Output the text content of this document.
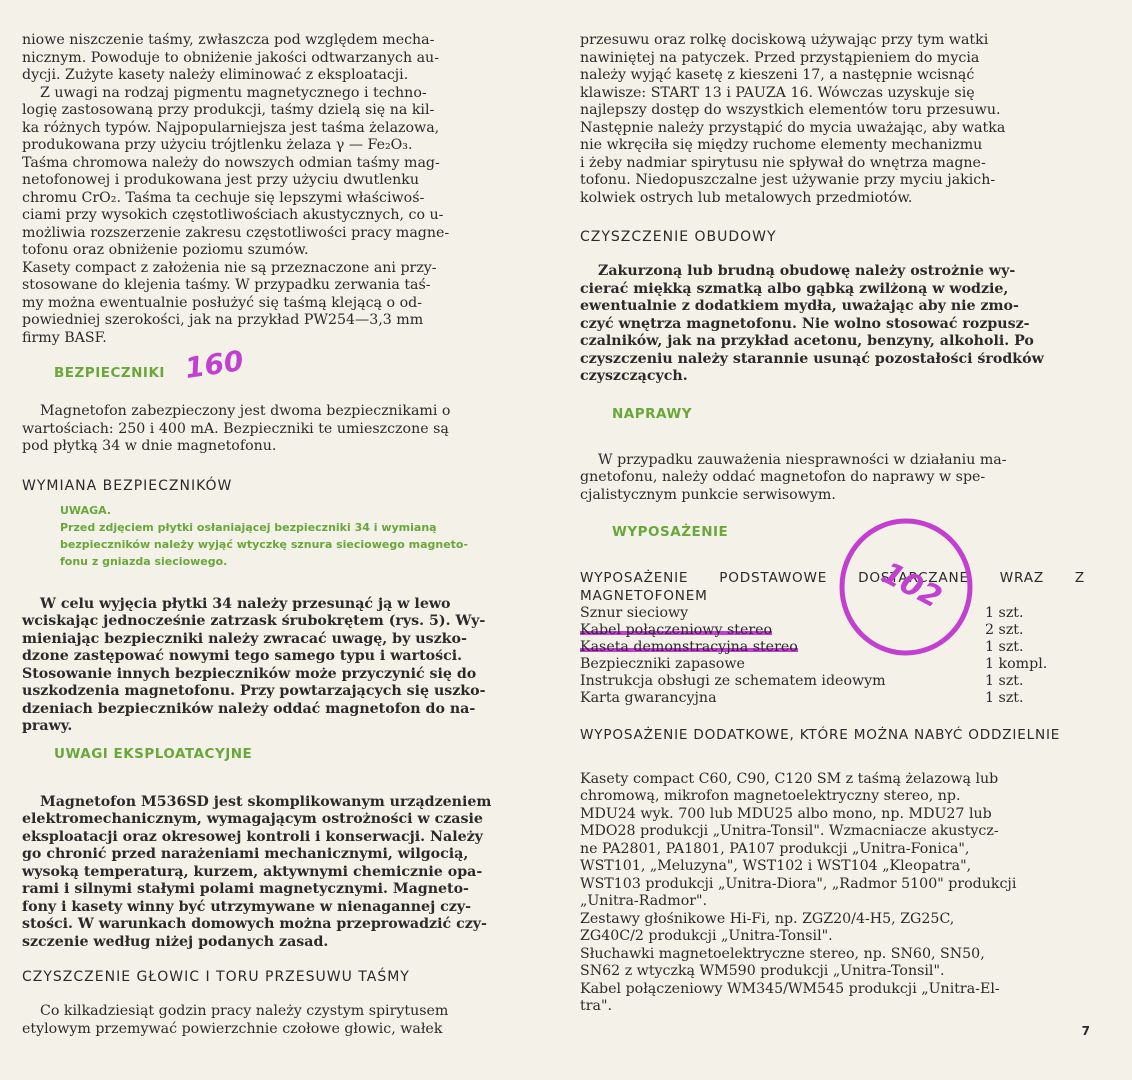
niowe niszczenie taśmy, zwłaszcza pod względem mecha-

nicznym. Powoduje to obniżenie jakości odtwarzanych au-

dycji. Zużyte kasety należy eliminować z eksploatacji.

Z uwagi na rodzaj pigmentu magnetycznego i techno-

logię zastosowaną przy produkcji, taśmy dzielą się na kil-

ka różnych typów. Najpopularniejsza jest taśma żelazowa,

produkowana przy użyciu trójtlenku żelaza γ — Fe₂O₃.

Taśma chromowa należy do nowszych odmian taśmy mag-

netofonowej i produkowana jest przy użyciu dwutlenku

chromu CrO₂. Taśma ta cechuje się lepszymi właściwoś-

ciami przy wysokich częstotliwościach akustycznych, co u-

możliwia rozszerzenie zakresu częstotliwości pracy magne-

tofonu oraz obniżenie poziomu szumów.

Kasety compact z założeniа nie są przeznaczone ani przy-

stosowane do klejenia taśmy. W przypadku zerwania taś-

my można ewentualnie posłużyć się taśmą klejącą o od-

powiedniej szerokości, jak na przykład PW254—3,3 mm

firmy BASF.

BEZPIECZNIKI

Magnetofon zabezpieczony jest dwoma bezpiecznikami o

wartościach: 250 i 400 mA. Bezpieczniki te umieszczone są

pod płytką 34 w dnie magnetofonu.

WYMIANA BEZPIECZNIKÓW
UWAGA.
Przed zdjęciem płytki osłaniającej bezpieczniki 34 i wymianą
bezpieczników należy wyjąć wtyczkę sznura sieciowego magneto-
fonu z gniazda sieciowego.

W celu wyjęcia płytki 34 należy przesunąć ją w lewo

wciskając jednocześnie zatrzask śrubokrętem (rys. 5). Wy-

mieniając bezpieczniki należy zwracać uwagę, by uszko-

dzone zastępować nowymi tego samego typu i wartości.

Stosowanie innych bezpieczników może przyczynić się do

uszkodzenia magnetofonu. Przy powtarzających się uszko-

dzeniach bezpieczników należy oddać magnetofon do na-

prawy.

UWAGI EKSPLOATACYJNE

Magnetofon M536SD jest skomplikowanym urządzeniem

elektromechanicznym, wymagającym ostrożności w czasie

eksploatacji oraz okresowej kontroli i konserwacji. Należy

go chronić przed narażeniami mechanicznymi, wilgocią,

wysoką temperaturą, kurzem, aktywnymi chemicznie opa-

rami i silnymi stałymi polami magnetycznymi. Magneto-

fony i kasety winny być utrzymywane w nienagannej czy-

stości. W warunkach domowych można przeprowadzić czy-

szczenie według niżej podanych zasad.

CZYSZCZENIE GŁOWIC I TORU PRZESUWU TAŚMY

Co kilkadziesiąt godzin pracy należy czystym spirytusem

etylowym przemywać powierzchnie czołowe głowic, wałek

przesuwu oraz rolkę dociskową używając przy tym watki

nawiniętej na patyczek. Przed przystąpieniem do mycia

należy wyjąć kasetę z kieszeni 17, a następnie wcisnąć

klawisze: START 13 i PAUZA 16. Wówczas uzyskuje się

najlepszy dostęp do wszystkich elementów toru przesuwu.

Następnie należy przystąpić do mycia uważając, aby watka

nie wkręciła się między ruchome elementy mechanizmu

i żeby nadmiar spirytusu nie spływał do wnętrza magne-

tofonu. Niedopuszczalne jest używanie przy myciu jakich-

kolwiek ostrych lub metalowych przedmiotów.

CZYSZCZENIE OBUDOWY

Zakurzoną lub brudną obudowę należy ostrożnie wy-

cierać miękką szmatką albo gąbką zwilżoną w wodzie,

ewentualnie z dodatkiem mydła, uważając aby nie zmo-

czyć wnętrza magnetofonu. Nie wolno stosować rozpusz-

czalników, jak na przykład acetonu, benzyny, alkoholi. Po

czyszczeniu należy starannie usunąć pozostałości środków

czyszczących.

NAPRAWY

W przypadku zauważenia niesprawności w działaniu ma-

gnetofonu, należy oddać magnetofon do naprawy w spe-

cjalistycznym punkcie serwisowym.

WYPOSAŻENIE
WYPOSAŻENIE PODSTAWOWE DOSTARCZANE WRAZ Z MAGNETOFONEM
Sznur sieciowy	1 szt.
Kabel połączeniowy stereo	2 szt.
Kaseta demonstracyjna stereo	1 szt.
Bezpieczniki zapasowe	1 kompl.
Instrukcja obsługi ze schematem ideowym	1 szt.
Karta gwarancyjna	1 szt.
WYPOSAŻENIE DODATKOWE, KTÓRE MOŻNA NABYĆ ODDZIELNIE

Kasety compact C60, C90, C120 SM z taśmą żelazową lub

chromową, mikrofon magnetoelektryczny stereo, np.

MDU24 wyk. 700 lub MDU25 albo mono, np. MDU27 lub

MDO28 produkcji „Unitra-Tonsil". Wzmacniacze akustycz-

ne PA2801, PA1801, PA107 produkcji „Unitra-Fonica",

WST101, „Meluzyna", WST102 i WST104 „Kleopatra",

WST103 produkcji „Unitra-Diora", „Radmor 5100" produkcji

„Unitra-Radmor".

Zestawy głośnikowe Hi-Fi, np. ZGZ20/4-H5, ZG25C,

ZG40C/2 produkcji „Unitra-Tonsil".

Słuchawki magnetoelektryczne stereo, np. SN60, SN50,

SN62 z wtyczką WM590 produkcji „Unitra-Tonsil".

Kabel połączeniowy WM345/WM545 produkcji „Unitra-El-

tra".

160
102
7
